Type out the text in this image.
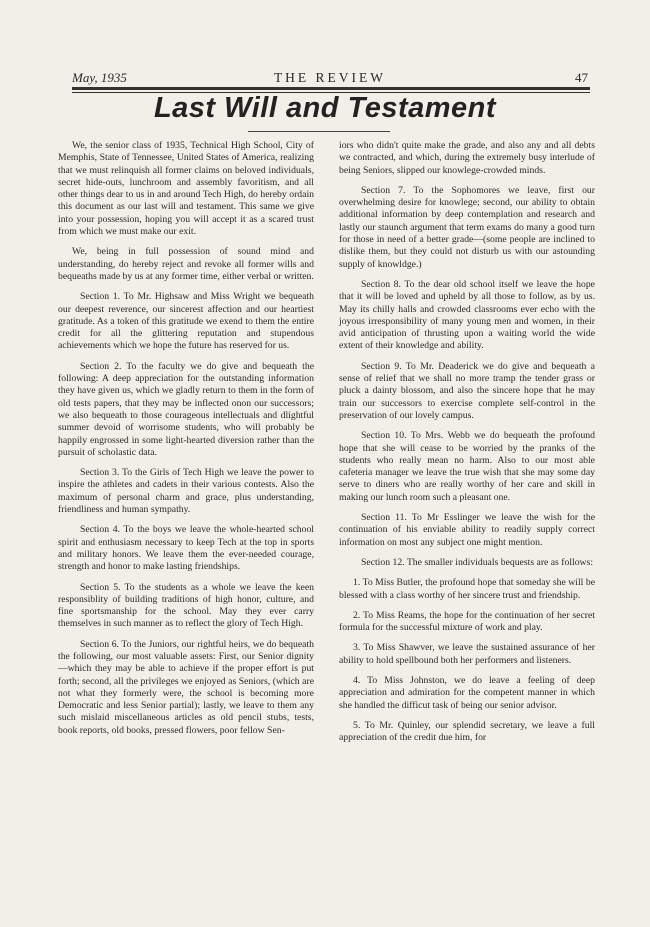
May, 1935	THE REVIEW	47
Last Will and Testament

We, the senior class of 1935, Technical High School, City of Memphis, State of Tennessee, United States of America, realizing that we must relinquish all former claims on beloved individuals, secret hide-outs, lunchroom and assembly favoritism, and all other things dear to us in and around Tech High, do hereby ordain this document as our last will and testament. This same we give into your possession, hoping you will accept it as a scared trust from which we must make our exit.

We, being in full possession of sound mind and understanding, do hereby reject and revoke all former wills and bequeaths made by us at any former time, either verbal or written.

Section 1. To Mr. Highsaw and Miss Wright we bequeath our deepest reverence, our sincerest affection and our heartiest gratitude. As a token of this gratitude we exend to them the entire credit for all the glittering reputation and stupendous achievements which we hope the future has reserved for us.

Section 2. To the faculty we do give and bequeath the following: A deep appreciation for the outstanding information they have given us, which we gladly return to them in the form of old tests papers, that they may be inflected onon our successors; we also bequeath to those courageous intellectuals and dlightful summer devoid of worrisome students, who will probably be happily engrossed in some light-hearted diversion rather than the pursuit of scholastic data.

Section 3. To the Girls of Tech High we leave the power to inspire the athletes and cadets in their various contests. Also the maximum of personal charm and grace, plus understanding, friendliness and human sympathy.

Section 4. To the boys we leave the whole-hearted school spirit and enthusiasm necessary to keep Tech at the top in sports and military honors. We leave them the ever-needed courage, strength and honor to make lasting friendships.

Section 5. To the students as a whole we leave the keen responsiblity of building traditions of high honor, culture, and fine sportsmanship for the school. May they ever carry themselves in such manner as to reflect the glory of Tech High.

Section 6. To the Juniors, our rightful heirs, we do bequeath the following, our most valuable assets: First, our Senior dignity—which they may be able to achieve if the proper effort is put forth; second, all the privileges we enjoyed as Seniors, (which are not what they formerly were, the school is becoming more Democratic and less Senior partial); lastly, we leave to them any such mislaid miscellaneous articles as old pencil stubs, tests, book reports, old books, pressed flowers, poor fellow Sen-

iors who didn't quite make the grade, and also any and all debts we contracted, and which, during the extremely busy interlude of being Seniors, slipped our knowlege-crowded minds.

Section 7. To the Sophomores we leave, first our overwhelming desire for knowlege; second, our ability to obtain additional information by deep contemplation and research and lastly our staunch argument that term exams do many a good turn for those in need of a better grade—(some people are inclined to dislike them, but they could not disturb us with our astounding supply of knowldge.)

Section 8. To the dear old school itself we leave the hope that it will be loved and upheld by all those to follow, as by us. May its chilly halls and crowded classrooms ever echo with the joyous irresponsibility of many young men and women, in their avid anticipation of thrusting upon a waiting world the wide extent of their knowledge and ability.

Section 9. To Mr. Deaderick we do give and bequeath a sense of relief that we shall no more tramp the tender grass or pluck a dainty blossom, and also the sincere hope that he may train our successors to exercise complete self-control in the preservation of our lovely campus.

Section 10. To Mrs. Webb we do bequeath the profound hope that she will cease to be worried by the pranks of the students who really mean no harm. Also to our most able cafeteria manager we leave the true wish that she may some day serve to diners who are really worthy of her care and skill in making our lunch room such a pleasant one.

Section 11. To Mr Esslinger we leave the wish for the continuation of his enviable ability to readily supply correct information on most any subject one might mention.

Section 12. The smaller individuals bequests are as follows:

1. To Miss Butler, the profound hope that someday she will be blessed with a class worthy of her sincere trust and friendship.

2. To Miss Reams, the hope for the continuation of her secret formula for the successful mixture of work and play.

3. To Miss Shawver, we leave the sustained assurance of her ability to hold spellbound both her performers and listeners.

4. To Miss Johnston, we do leave a feeling of deep appreciation and admiration for the competent manner in which she handled the difficut task of being our senior advisor.

5. To Mr. Quinley, our splendid secretary, we leave a full appreciation of the credit due him, for
